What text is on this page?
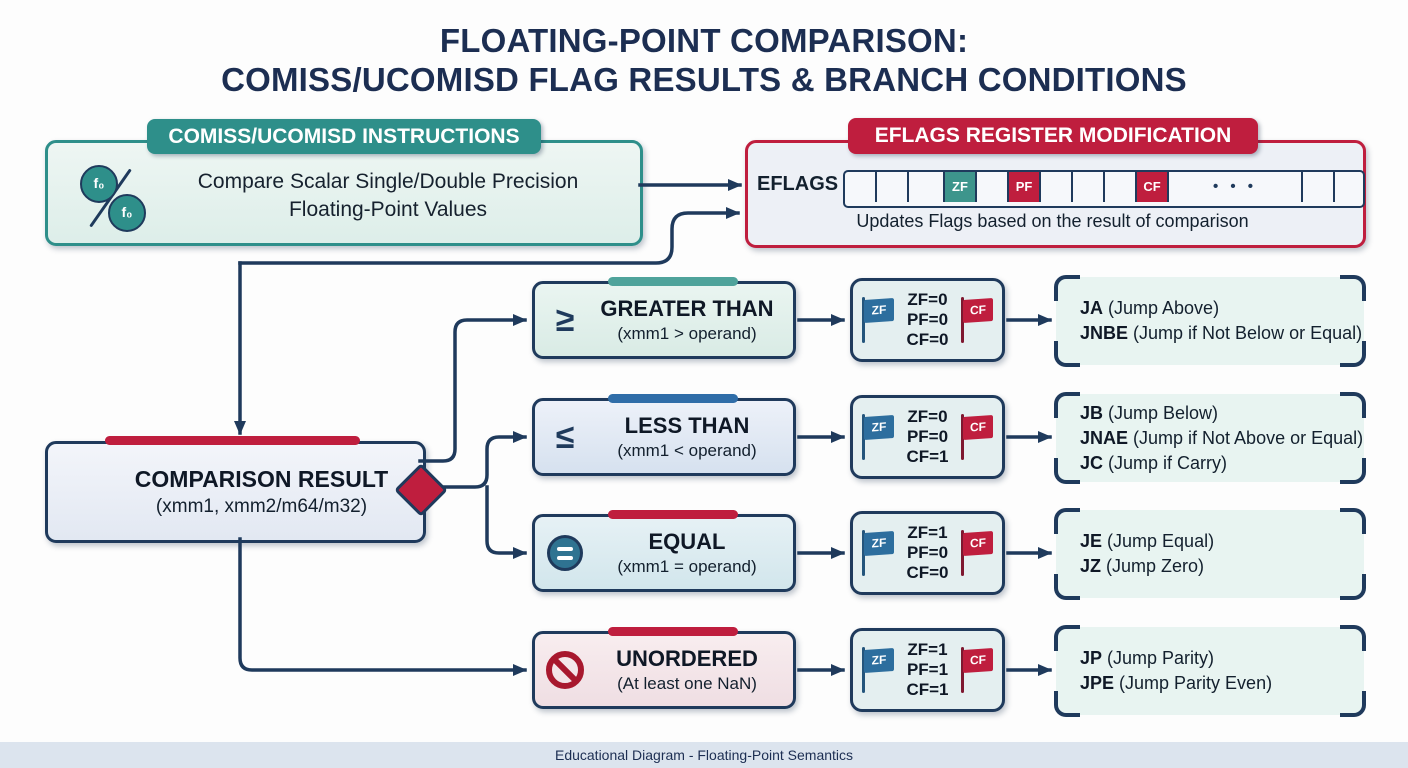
FLOATING-POINT COMPARISON:
COMISS/UCOMISD FLAG RESULTS & BRANCH CONDITIONS
f₀
f₀
Compare Scalar Single/Double Precision
Floating-Point Values
COMISS/UCOMISD INSTRUCTIONS	EFLAGS REGISTER MODIFICATION
EFLAGS	ZF	PF	CF	• • •
Updates Flags based on the result of comparison
COMPARISON RESULT
(xmm1, xmm2/m64/m32)
≥	GREATER THAN
(xmm1 > operand)
ZF
ZF=0
PF=0
CF=0
CF	JA (Jump Above)
JNBE (Jump if Not Below or Equal)
≤	LESS THAN
(xmm1 < operand)
ZF
ZF=0
PF=0
CF=1
CF
JB (Jump Below)
JNAE (Jump if Not Above or Equal)
JC (Jump if Carry)
EQUAL
(xmm1 = operand)
ZF
ZF=1
PF=0
CF=0
CF	JE (Jump Equal)
JZ (Jump Zero)
UNORDERED
(At least one NaN)
ZF
ZF=1
PF=1
CF=1
CF	JP (Jump Parity)
JPE (Jump Parity Even)
Educational Diagram - Floating-Point Semantics
